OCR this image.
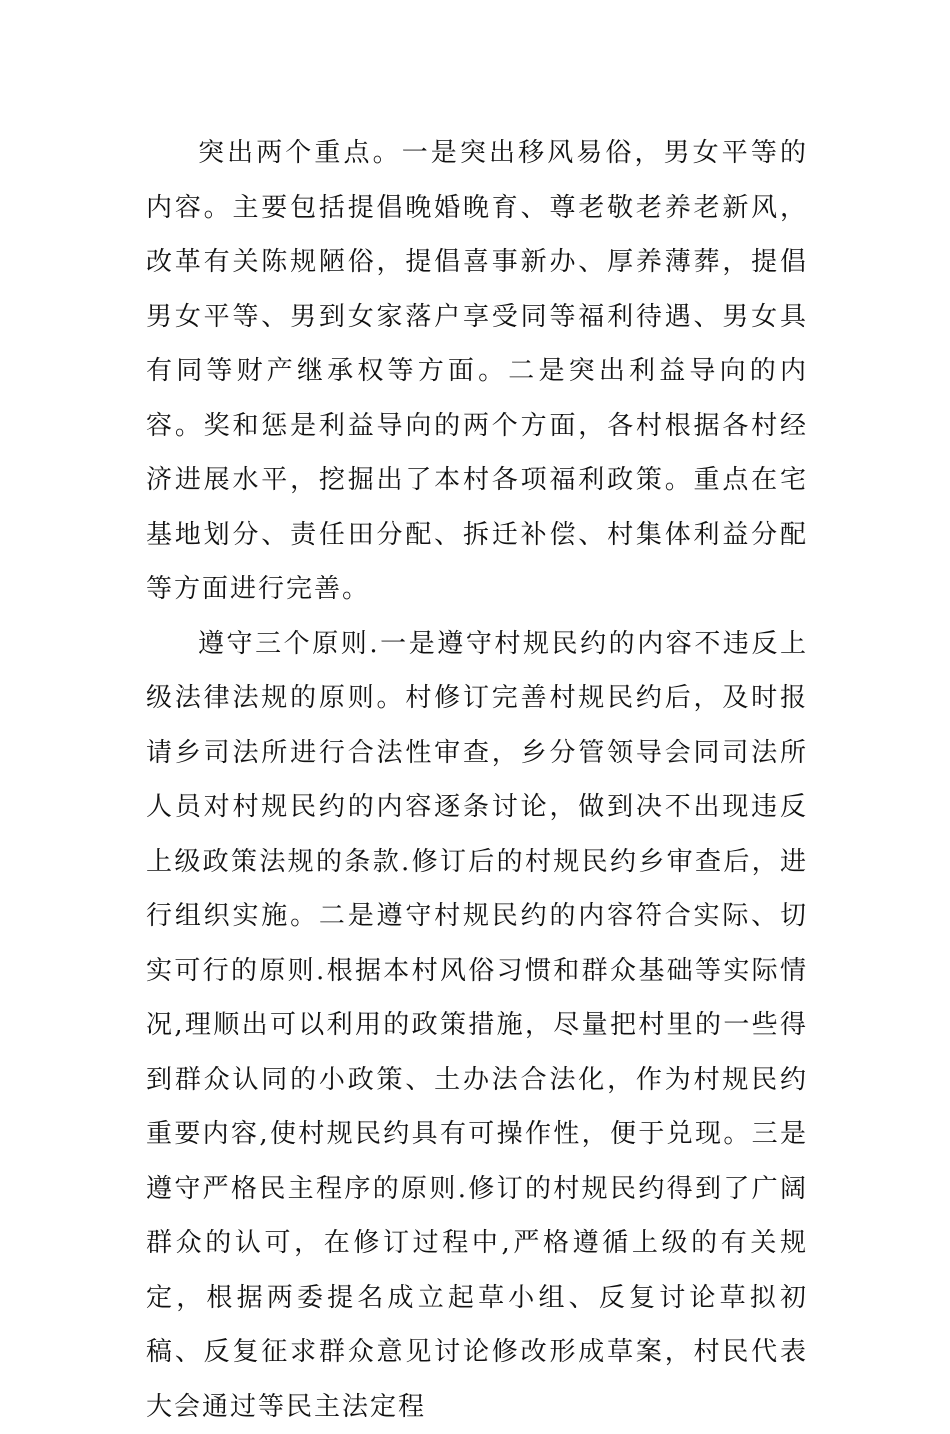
突出两个重点。一是突出移风易俗，男女平等的内容。主要包括提倡晚婚晚育、尊老敬老养老新风，改革有关陈规陋俗，提倡喜事新办、厚养薄葬，提倡男女平等、男到女家落户享受同等福利待遇、男女具有同等财产继承权等方面。二是突出利益导向的内容。奖和惩是利益导向的两个方面，各村根据各村经济进展水平，挖掘出了本村各项福利政策。重点在宅基地划分、责任田分配、拆迁补偿、村集体利益分配等方面进行完善。

遵守三个原则.一是遵守村规民约的内容不违反上级法律法规的原则。村修订完善村规民约后，及时报请乡司法所进行合法性审查，乡分管领导会同司法所人员对村规民约的内容逐条讨论，做到决不出现违反上级政策法规的条款.修订后的村规民约乡审查后，进行组织实施。二是遵守村规民约的内容符合实际、切实可行的原则.根据本村风俗习惯和群众基础等实际情况,理顺出可以利用的政策措施，尽量把村里的一些得到群众认同的小政策、土办法合法化，作为村规民约重要内容,使村规民约具有可操作性，便于兑现。三是遵守严格民主程序的原则.修订的村规民约得到了广阔群众的认可，在修订过程中,严格遵循上级的有关规定，根据两委提名成立起草小组、反复讨论草拟初稿、反复征求群众意见讨论修改形成草案，村民代表大会通过等民主法定程
